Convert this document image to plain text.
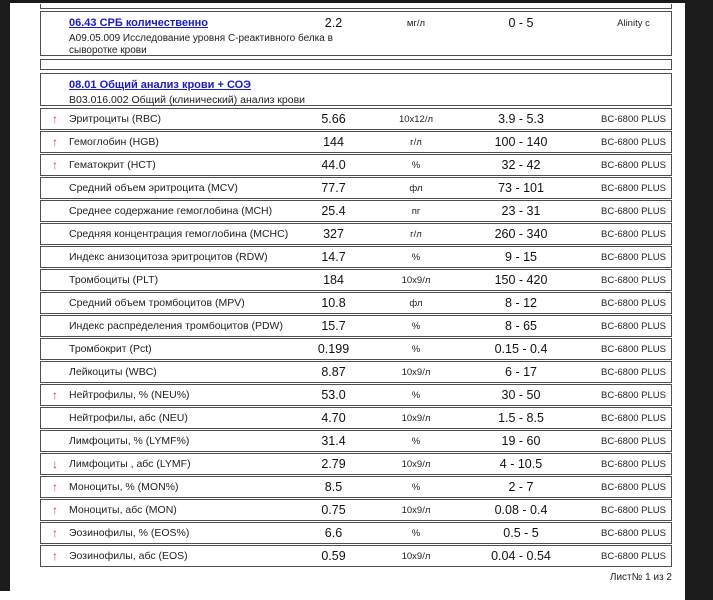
06.43 СРБ количественно	2.2	мг/л	0 - 5	Alinity c
А09.05.009 Исследование уровня С-реактивного белка в сыворотке крови
08.01 Общий анализ крови + СОЭ
В03.016.002 Общий (клинический) анализ крови
↑	Эритроциты (RBC)	5.66	10х12/л	3.9 - 5.3	BC-6800 PLUS
↑	Гемоглобин (HGB)	144	г/л	100 - 140	BC-6800 PLUS
↑	Гематокрит (HCT)	44.0	%	32 - 42	BC-6800 PLUS
Средний объем эритроцита (MCV)	77.7	фл	73 - 101	BC-6800 PLUS
Среднее содержание гемоглобина (MCH)	25.4	пг	23 - 31	BC-6800 PLUS
Средняя концентрация гемоглобина (MCHC)	327	г/л	260 - 340	BC-6800 PLUS
Индекс анизоцитоза эритроцитов (RDW)	14.7	%	9 - 15	BC-6800 PLUS
Тромбоциты (PLT)	184	10х9/л	150 - 420	BC-6800 PLUS
Средний объем тромбоцитов (MPV)	10.8	фл	8 - 12	BC-6800 PLUS
Индекс распределения тромбоцитов (PDW)	15.7	%	8 - 65	BC-6800 PLUS
Тромбокрит (Pct)	0.199	%	0.15 - 0.4	BC-6800 PLUS
Лейкоциты (WBC)	8.87	10х9/л	6 - 17	BC-6800 PLUS
↑	Нейтрофилы, % (NEU%)	53.0	%	30 - 50	BC-6800 PLUS
Нейтрофилы, абс (NEU)	4.70	10х9/л	1.5 - 8.5	BC-6800 PLUS
Лимфоциты, % (LYMF%)	31.4	%	19 - 60	BC-6800 PLUS
↓	Лимфоциты , абс (LYMF)	2.79	10х9/л	4 - 10.5	BC-6800 PLUS
↑	Моноциты, % (MON%)	8.5	%	2 - 7	BC-6800 PLUS
↑	Моноциты, абс (MON)	0.75	10х9/л	0.08 - 0.4	BC-6800 PLUS
↑	Эозинофилы, % (EOS%)	6.6	%	0.5 - 5	BC-6800 PLUS
↑	Эозинофилы, абс (EOS)	0.59	10х9/л	0.04 - 0.54	BC-6800 PLUS
Лист№ 1 из 2
